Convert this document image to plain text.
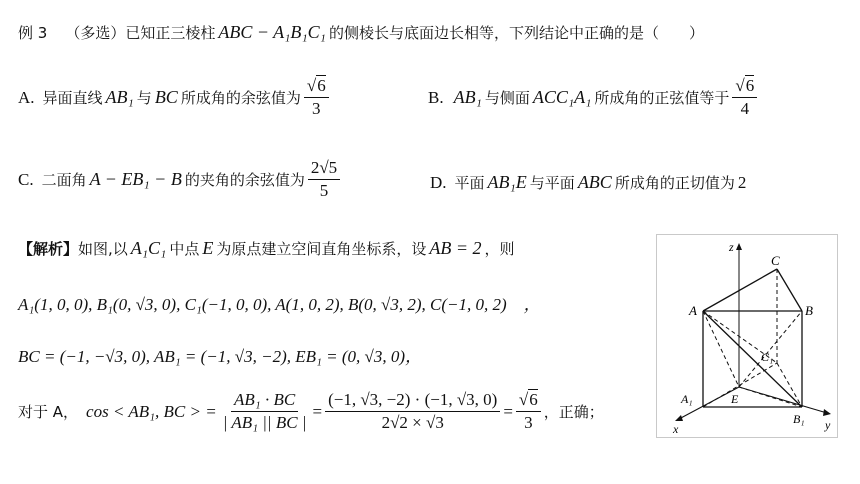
例 3 （多选） 已知正三棱柱 ABC − A₁B₁C₁ 的侧棱长与底面边长相等，下列结论中正确的是（　　）
A. 异面直线 AB₁ 与 BC 所成角的余弦值为 $\frac{√6}{3}$	B. AB₁ 与侧面 ACC₁A₁ 所成角的正弦值等于 $\frac{√6}{4}$
C. 二面角 A − EB₁ − B 的夹角的余弦值为 $\frac{2√5}{5}$	D. 平面 AB₁E 与平面 ABC 所成角的正切值为 2
【解析】 如图,以 A₁C₁ 中点 E 为原点建立空间直角坐标系，设 AB = 2 ，则
A₁(1, 0, 0), B₁(0, √3, 0), C₁(−1, 0, 0), A(1, 0, 2), B(0, √3, 2), C(−1, 0, 2)　，
BC = (−1, −√3, 0), AB₁ = (−1, √3, −2), EB₁ = (0, √3, 0)，
对于 A， cos < AB₁, BC > = $\frac{\text{AB₁ · BC}}{\text{| AB₁ || BC |}} = \frac{(-1, √3, -2) \cdot (-1, √3, 0)}{2√2 \times √3} = \frac{√6}{3}$ ，正确；
z
x	y
A	B
C
A₁
B₁
C₁
E
